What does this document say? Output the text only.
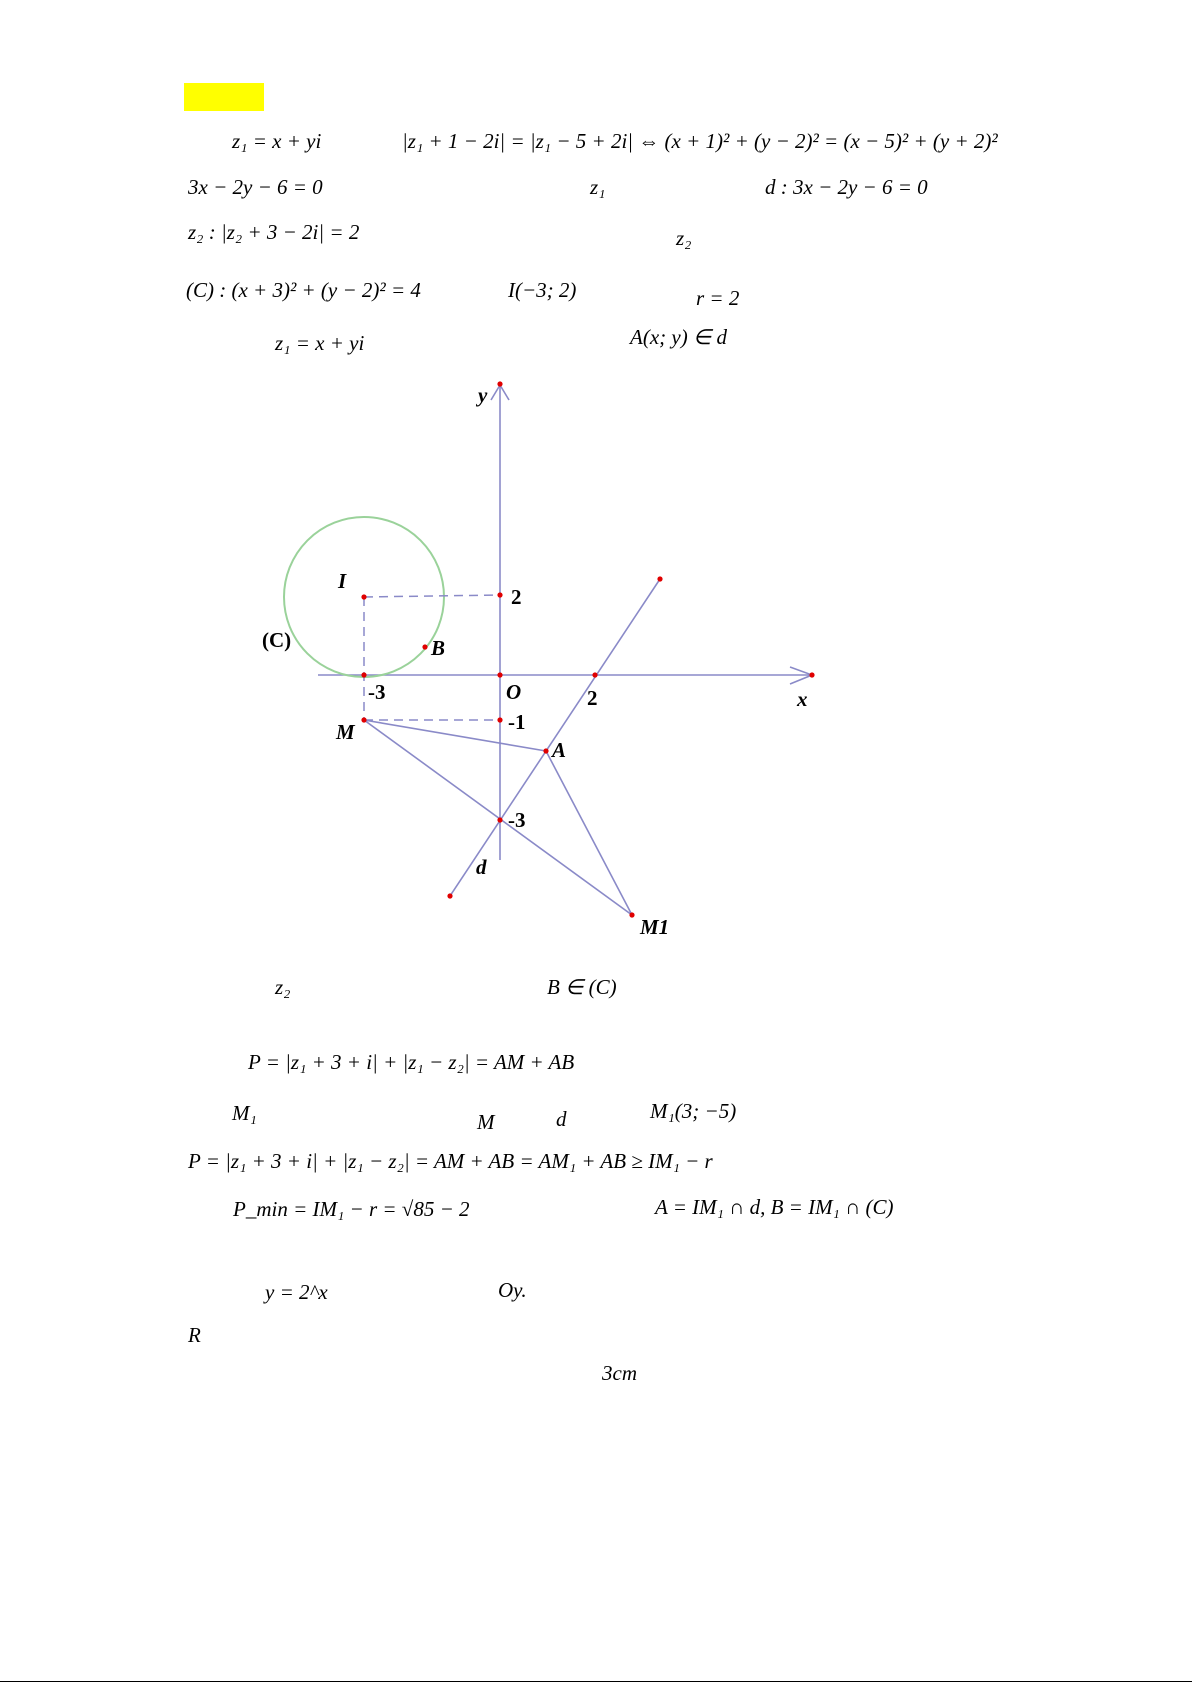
z₁ = x + yi	|z₁ + 1 − 2i| = |z₁ − 5 + 2i| ⇔ (x + 1)² + (y − 2)² = (x − 5)² + (y + 2)²
3x − 2y − 6 = 0	z₁	d : 3x − 2y − 6 = 0
z₂ : |z₂ + 3 − 2i| = 2	z₂
(C) : (x + 3)² + (y − 2)² = 4	I(−3; 2)	r = 2
z₁ = x + yi	A(x; y) ∈ d
z₂	B ∈ (C)
P = |z₁ + 3 + i| + |z₁ − z₂| = AM + AB
M₁	M	d	M₁(3; −5)
P = |z₁ + 3 + i| + |z₁ − z₂| = AM + AB = AM₁ + AB ≥ IM₁ − r
P_min = IM₁ − r = √85 − 2	A = IM₁ ∩ d, B = IM₁ ∩ (C)
y = 2^x	Oy.
R
3cm
y
x
I
(C)	B
O
M
A
d
M1
2
-3	2
-1
-3
